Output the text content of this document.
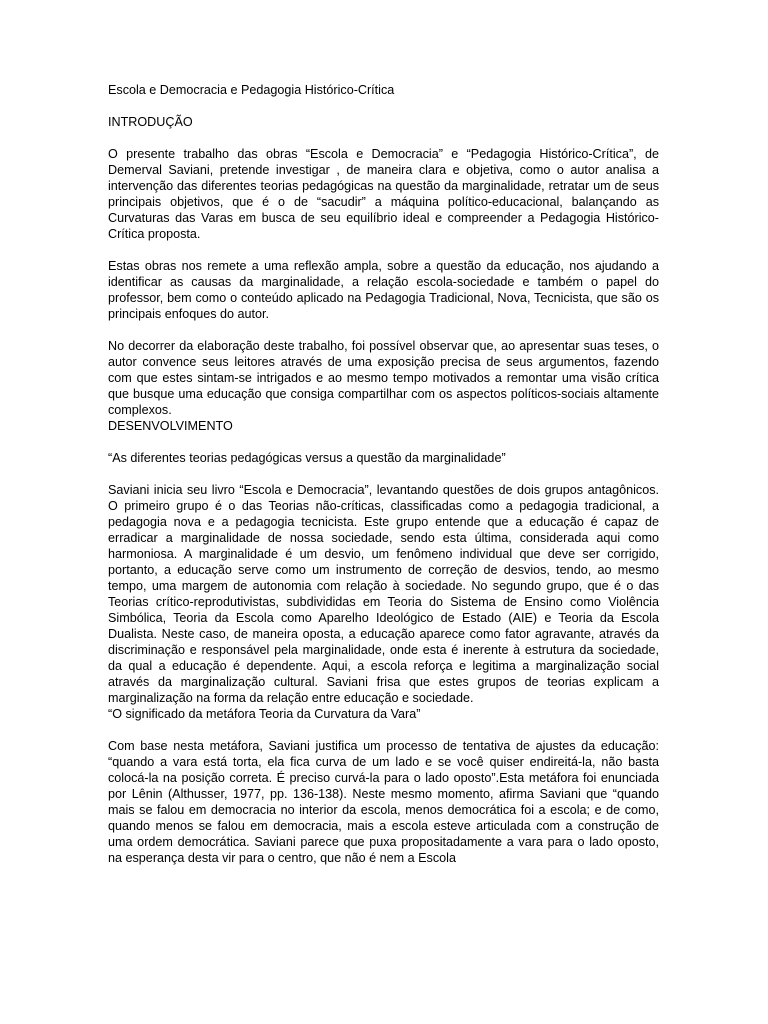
Escola e Democracia e Pedagogia Histórico-Crítica

INTRODUÇÃO

O presente trabalho das obras “Escola e Democracia” e “Pedagogia Histórico-Crítica”, de Demerval Saviani, pretende investigar , de maneira clara e objetiva, como o autor analisa a intervenção das diferentes teorias pedagógicas na questão da marginalidade, retratar um de seus principais objetivos, que é o de “sacudir” a máquina político-educacional, balançando as Curvaturas das Varas em busca de seu equilíbrio ideal e compreender a Pedagogia Histórico-Crítica proposta.

Estas obras nos remete a uma reflexão ampla, sobre a questão da educação, nos ajudando a identificar as causas da marginalidade, a relação escola-sociedade e também o papel do professor, bem como o conteúdo aplicado na Pedagogia Tradicional, Nova, Tecnicista, que são os principais enfoques do autor.

No decorrer da elaboração deste trabalho, foi possível observar que, ao apresentar suas teses, o autor convence seus leitores através de uma exposição precisa de seus argumentos, fazendo com que estes sintam-se intrigados e ao mesmo tempo motivados a remontar uma visão crítica que busque uma educação que consiga compartilhar com os aspectos políticos-sociais altamente complexos.

DESENVOLVIMENTO

“As diferentes teorias pedagógicas versus a questão da marginalidade”

Saviani inicia seu livro “Escola e Democracia”, levantando questões de dois grupos antagônicos. O primeiro grupo é o das Teorias não-críticas, classificadas como a pedagogia tradicional, a pedagogia nova e a pedagogia tecnicista. Este grupo entende que a educação é capaz de erradicar a marginalidade de nossa sociedade, sendo esta última, considerada aqui como harmoniosa. A marginalidade é um desvio, um fenômeno individual que deve ser corrigido, portanto, a educação serve como um instrumento de correção de desvios, tendo, ao mesmo tempo, uma margem de autonomia com relação à sociedade. No segundo grupo, que é o das Teorias crítico-reprodutivistas, subdivididas em Teoria do Sistema de Ensino como Violência Simbólica, Teoria da Escola como Aparelho Ideológico de Estado (AIE) e Teoria da Escola Dualista. Neste caso, de maneira oposta, a educação aparece como fator agravante, através da discriminação e responsável pela marginalidade, onde esta é inerente à estrutura da sociedade, da qual a educação é dependente. Aqui, a escola reforça e legitima a marginalização social através da marginalização cultural. Saviani frisa que estes grupos de teorias explicam a marginalização na forma da relação entre educação e sociedade.

“O significado da metáfora Teoria da Curvatura da Vara”

Com base nesta metáfora, Saviani justifica um processo de tentativa de ajustes da educação: “quando a vara está torta, ela fica curva de um lado e se você quiser endireitá-la, não basta colocá-la na posição correta. É preciso curvá-la para o lado oposto”.Esta metáfora foi enunciada por Lênin (Althusser, 1977, pp. 136-138). Neste mesmo momento, afirma Saviani que “quando mais se falou em democracia no interior da escola, menos democrática foi a escola; e de como, quando menos se falou em democracia, mais a escola esteve articulada com a construção de uma ordem democrática. Saviani parece que puxa propositadamente a vara para o lado oposto, na esperança desta vir para o centro, que não é nem a Escola
